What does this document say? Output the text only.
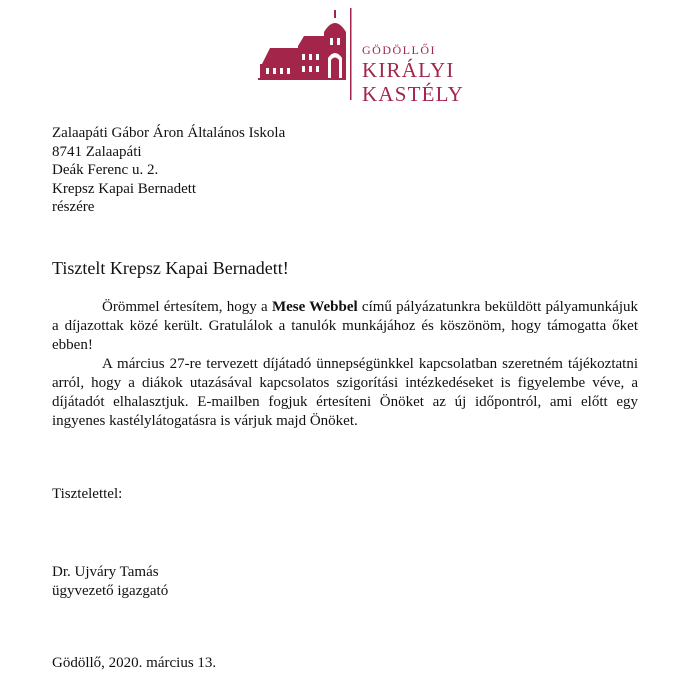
GÖDÖLLŐI
KIRÁLYI
KASTÉLY
Zalaapáti Gábor Áron Általános Iskola
8741 Zalaapáti
Deák Ferenc u. 2.
Krepsz Kapai Bernadett
részére
Tisztelt Krepsz Kapai Bernadett!

Örömmel értesítem, hogy a Mese Webbel című pályázatunkra beküldött pályamunkájuk a díjazottak közé került. Gratulálok a tanulók munkájához és köszönöm, hogy támogatta őket ebben!

A március 27-re tervezett díjátadó ünnepségünkkel kapcsolatban szeretném tájékoztatni arról, hogy a diákok utazásával kapcsolatos szigorítási intézkedéseket is figyelembe véve, a díjátadót elhalasztjuk. E-mailben fogjuk értesíteni Önöket az új időpontról, ami előtt egy ingyenes kastélylátogatásra is várjuk majd Önöket.

Tisztelettel:
Dr. Ujváry Tamás
ügyvezető igazgató
Gödöllő, 2020. március 13.
